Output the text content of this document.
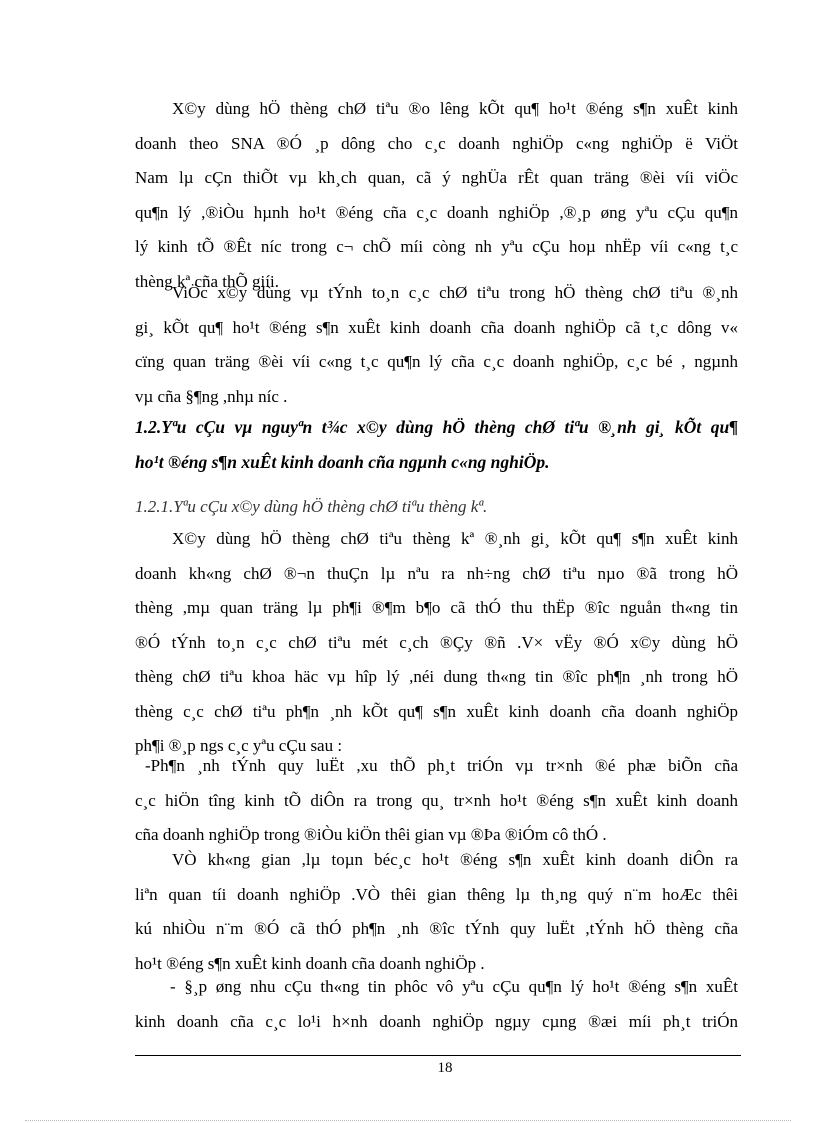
X©y dùng hÖ thèng chØ tiªu ®o lêng kÕt qu¶ ho¹t ®éng s¶n xuÊt kinh
doanh theo SNA ®Ó ¸p dông cho c¸c doanh nghiÖp c«ng nghiÖp ë ViÖt
Nam lµ cÇn thiÕt vµ kh¸ch quan, cã ý nghÜa rÊt quan träng ®èi víi viÖc
qu¶n lý ,®iÒu hµnh ho¹t ®éng cña c¸c doanh nghiÖp ,®¸p øng yªu cÇu qu¶n
lý kinh tÕ ®Êt níc trong c¬ chÕ míi còng nh yªu cÇu hoµ nhËp víi c«ng t¸c
thèng kª cña thÕ giíi.
ViÖc x©y dùng vµ tÝnh to¸n c¸c chØ tiªu trong hÖ thèng chØ tiªu ®¸nh
gi¸ kÕt qu¶ ho¹t ®éng s¶n xuÊt kinh doanh cña doanh nghiÖp cã t¸c dông v«
cïng quan träng ®èi víi c«ng t¸c qu¶n lý cña c¸c doanh nghiÖp, c¸c bé , ngµnh
vµ cña §¶ng ,nhµ níc .
1.2.Yªu cÇu vµ nguyªn t¾c x©y dùng hÖ thèng chØ tiªu ®¸nh gi¸ kÕt qu¶
ho¹t ®éng s¶n xuÊt kinh doanh cña ngµnh c«ng nghiÖp.
1.2.1.Yªu cÇu x©y dùng hÖ thèng chØ tiªu thèng kª.
X©y dùng hÖ thèng chØ tiªu thèng kª ®¸nh gi¸ kÕt qu¶ s¶n xuÊt kinh
doanh kh«ng chØ ®¬n thuÇn lµ nªu ra nh÷ng chØ tiªu nµo ®ã trong hÖ
thèng ,mµ quan träng lµ ph¶i ®¶m b¶o cã thÓ thu thËp ®îc nguån th«ng tin
®Ó tÝnh to¸n c¸c chØ tiªu mét c¸ch ®Çy ®ñ .V× vËy ®Ó x©y dùng hÖ
thèng chØ tiªu khoa häc vµ hîp lý ,néi dung th«ng tin ®îc ph¶n ¸nh trong hÖ
thèng c¸c chØ tiªu ph¶n ¸nh kÕt qu¶ s¶n xuÊt kinh doanh cña doanh nghiÖp
ph¶i ®¸p ngs c¸c yªu cÇu sau :
-Ph¶n ¸nh tÝnh quy luËt ,xu thÕ ph¸t triÓn vµ tr×nh ®é phæ biÕn cña
c¸c hiÖn tîng kinh tÕ diÔn ra trong qu¸ tr×nh ho¹t ®éng s¶n xuÊt kinh doanh
cña doanh nghiÖp trong ®iÒu kiÖn thêi gian vµ ®Þa ®iÓm cô thÓ .
VÒ kh«ng gian ,lµ toµn béc¸c ho¹t ®éng s¶n xuÊt kinh doanh diÔn ra
liªn quan tíi doanh nghiÖp .VÒ thêi gian thêng lµ th¸ng quý n¨m hoÆc thêi
kú nhiÒu n¨m ®Ó cã thÓ ph¶n ¸nh ®îc tÝnh quy luËt ,tÝnh hÖ thèng cña
ho¹t ®éng s¶n xuÊt kinh doanh cña doanh nghiÖp .
- §¸p øng nhu cÇu th«ng tin phôc vô yªu cÇu qu¶n lý ho¹t ®éng s¶n xuÊt
kinh doanh cña c¸c lo¹i h×nh doanh nghiÖp ngµy cµng ®æi míi ph¸t triÓn
18
